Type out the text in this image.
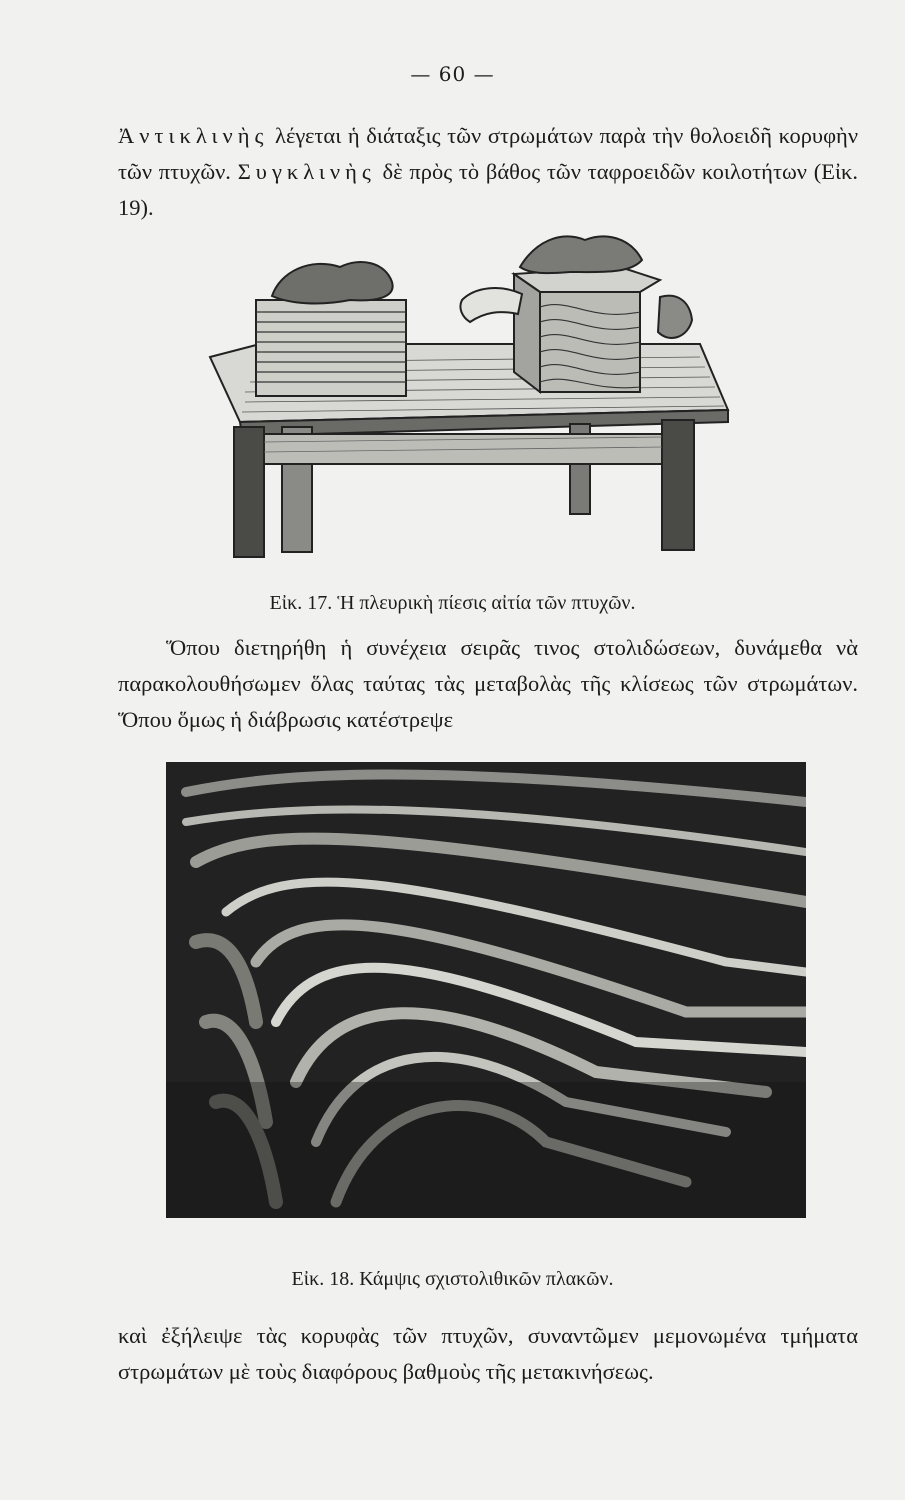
— 60 —
Ἀντικλινὴς λέγεται ἡ διάταξις τῶν στρωμάτων παρὰ τὴν θολοειδῆ κορυφὴν τῶν πτυχῶν. Συγκλινὴς δὲ πρὸς τὸ βάθος τῶν ταφροειδῶν κοιλοτήτων (Εἰκ. 19).
Εἰκ. 17. Ἡ πλευρικὴ πίεσις αἰτία τῶν πτυχῶν.
Ὅπου διετηρήθη ἡ συνέχεια σειρᾶς τινος στολιδώσεων, δυνάμεθα νὰ παρακολουθήσωμεν ὅλας ταύτας τὰς μεταβολὰς τῆς κλίσεως τῶν στρωμάτων. Ὅπου ὅμως ἡ διάβρωσις κατέστρεψε
Εἰκ. 18. Κάμψις σχιστολιθικῶν πλακῶν.
καὶ ἐξήλειψε τὰς κορυφὰς τῶν πτυχῶν, συναντῶμεν μεμονωμένα τμήματα στρωμάτων μὲ τοὺς διαφόρους βαθμοὺς τῆς μετακινήσεως.
